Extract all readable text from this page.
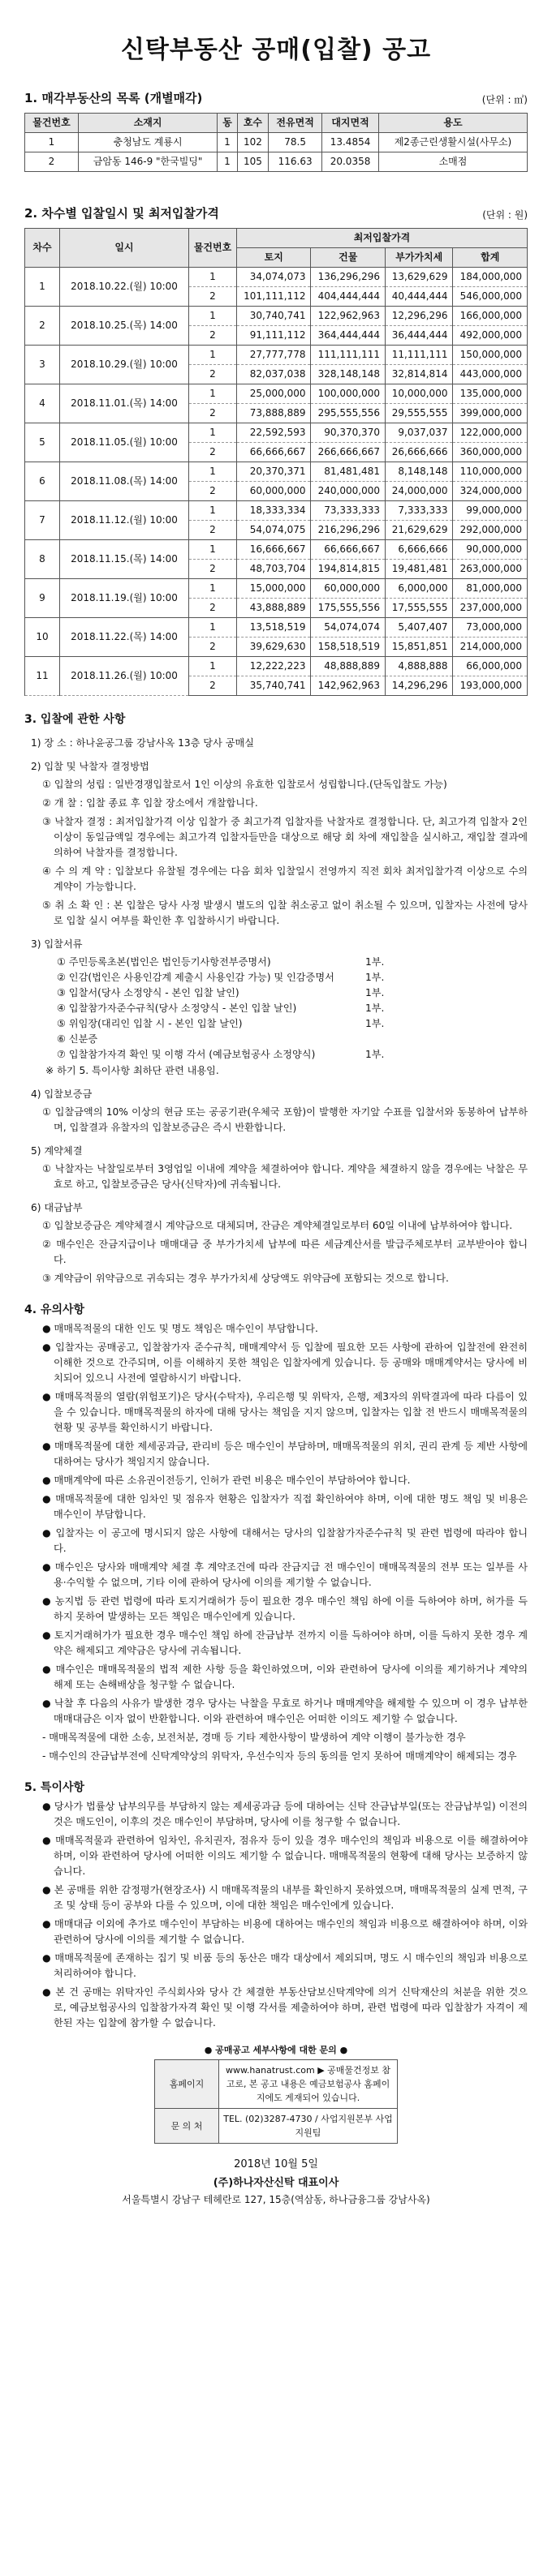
신탁부동산 공매(입찰) 공고
1. 매각부동산의 목록 (개별매각)	(단위 : ㎡)
물건번호	소재지	동	호수	전유면적	대지면적	용도
1	충청남도 계룡시	1	102	78.5	13.4854	제2종근린생활시설(사무소)
2	금암동 146-9 "한국빌딩"	1	105	116.63	20.0358	소매점
2. 차수별 입찰일시 및 최저입찰가격	(단위 : 원)
차수	일시	물건번호	최저입찰가격			
			토지	건물	부가가치세	합계
1	2018.10.22.(월) 10:00	1	34,074,073	136,296,296	13,629,629	184,000,000
		2	101,111,112	404,444,444	40,444,444	546,000,000
2	2018.10.25.(목) 14:00	1	30,740,741	122,962,963	12,296,296	166,000,000
		2	91,111,112	364,444,444	36,444,444	492,000,000
3	2018.10.29.(월) 10:00	1	27,777,778	111,111,111	11,111,111	150,000,000
		2	82,037,038	328,148,148	32,814,814	443,000,000
4	2018.11.01.(목) 14:00	1	25,000,000	100,000,000	10,000,000	135,000,000
		2	73,888,889	295,555,556	29,555,555	399,000,000
5	2018.11.05.(월) 10:00	1	22,592,593	90,370,370	9,037,037	122,000,000
		2	66,666,667	266,666,667	26,666,666	360,000,000
6	2018.11.08.(목) 14:00	1	20,370,371	81,481,481	8,148,148	110,000,000
		2	60,000,000	240,000,000	24,000,000	324,000,000
7	2018.11.12.(월) 10:00	1	18,333,334	73,333,333	7,333,333	99,000,000
		2	54,074,075	216,296,296	21,629,629	292,000,000
8	2018.11.15.(목) 14:00	1	16,666,667	66,666,667	6,666,666	90,000,000
		2	48,703,704	194,814,815	19,481,481	263,000,000
9	2018.11.19.(월) 10:00	1	15,000,000	60,000,000	6,000,000	81,000,000
		2	43,888,889	175,555,556	17,555,555	237,000,000
10	2018.11.22.(목) 14:00	1	13,518,519	54,074,074	5,407,407	73,000,000
		2	39,629,630	158,518,519	15,851,851	214,000,000
11	2018.11.26.(월) 10:00	1	12,222,223	48,888,889	4,888,888	66,000,000
		2	35,740,741	142,962,963	14,296,296	193,000,000
3. 입찰에 관한 사항
1) 장 소 : 하나윤공그룹 강남사옥 13층 당사 공매실
2) 입찰 및 낙찰자 결정방법
① 입찰의 성립 : 일반경쟁입찰로서 1인 이상의 유효한 입찰로서 성립합니다.(단독입찰도 가능)
② 개 찰 : 입찰 종료 후 입찰 장소에서 개찰합니다.
③ 낙찰자 결정 : 최저입찰가격 이상 입찰가 중 최고가격 입찰자를 낙찰자로 결정합니다. 단, 최고가격 입찰자 2인 이상이 동일금액일 경우에는 최고가격 입찰자들만을 대상으로 해당 회 차에 재입찰을 실시하고, 재입찰 결과에 의하여 낙찰자를 결정합니다.
④ 수 의 계 약 : 입찰보다 유찰될 경우에는 다음 회차 입찰일시 전영까지 직전 회차 최저입찰가격 이상으로 수의계약이 가능합니다.
⑤ 취 소 확 인 : 본 입찰은 당사 사정 발생시 별도의 입찰 취소공고 없이 취소될 수 있으며, 입찰자는 사전에 당사로 입찰 실시 여부를 확인한 후 입찰하시기 바랍니다.
3) 입찰서류
① 주민등록초본(법인은 법인등기사항전부증명서)	1부.
② 인감(법인은 사용인감계 제출시 사용인감 가능) 및 인감증명서	1부.
③ 입찰서(당사 소정양식 - 본인 입찰 날인)	1부.
④ 입찰참가자준수규칙(당사 소정양식 - 본인 입찰 날인)	1부.
⑤ 위임장(대리인 입찰 시 - 본인 입찰 날인)	1부.
⑥ 신분증
⑦ 입찰참가자격 확인 및 이행 각서 (예금보험공사 소정양식)	1부.
※ 하기 5. 특이사항 최하단 관련 내용임.
4) 입찰보증금
① 입찰금액의 10% 이상의 현금 또는 공공기관(우체국 포함)이 발행한 자기앞 수표를 입찰서와 동봉하여 납부하며, 입찰결과 유찰자의 입찰보증금은 즉시 반환합니다.
5) 계약체결
① 낙찰자는 낙찰일로부터 3영업일 이내에 계약을 체결하여야 합니다. 계약을 체결하지 않을 경우에는 낙찰은 무효로 하고, 입찰보증금은 당사(신탁자)에 귀속됩니다.
6) 대금납부
① 입찰보증금은 계약체결시 계약금으로 대체되며, 잔금은 계약체결일로부터 60일 이내에 납부하여야 합니다.
② 매수인은 잔금지급이나 매매대금 중 부가가치세 납부에 따른 세금계산서를 발급주체로부터 교부받아야 합니다.
③ 계약금이 위약금으로 귀속되는 경우 부가가치세 상당액도 위약금에 포함되는 것으로 합니다.
4. 유의사항
● 매매목적물의 대한 인도 및 명도 책임은 매수인이 부담합니다.
● 입찰자는 공매공고, 입찰참가자 준수규칙, 매매계약서 등 입찰에 필요한 모든 사항에 관하여 입찰전에 완전히 이해한 것으로 간주되며, 이를 이해하지 못한 책임은 입찰자에게 있습니다. 등 공매와 매매계약서는 당사에 비치되어 있으니 사전에 열람하시기 바랍니다.
● 매매목적물의 열람(위험포기)은 당사(수탁자), 우리은행 및 위탁자, 은행, 제3자의 위탁결과에 따라 다름이 있을 수 있습니다. 매매목적물의 하자에 대해 당사는 책임을 지지 않으며, 입찰자는 입찰 전 반드시 매매목적물의 현황 및 공부를 확인하시기 바랍니다.
● 매매목적물에 대한 제세공과금, 관리비 등은 매수인이 부담하며, 매매목적물의 위치, 권리 관계 등 제반 사항에 대하여는 당사가 책임지지 않습니다.
● 매매계약에 따른 소유권이전등기, 인허가 관련 비용은 매수인이 부담하여야 합니다.
● 매매목적물에 대한 임차인 및 점유자 현황은 입찰자가 직접 확인하여야 하며, 이에 대한 명도 책임 및 비용은 매수인이 부담합니다.
● 입찰자는 이 공고에 명시되지 않은 사항에 대해서는 당사의 입찰참가자준수규칙 및 관련 법령에 따라야 합니다.
● 매수인은 당사와 매매계약 체결 후 계약조건에 따라 잔금지급 전 매수인이 매매목적물의 전부 또는 일부를 사용·수익할 수 없으며, 기타 이에 관하여 당사에 이의를 제기할 수 없습니다.
● 농지법 등 관련 법령에 따라 토지거래허가 등이 필요한 경우 매수인 책임 하에 이를 득하여야 하며, 허가를 득하지 못하여 발생하는 모든 책임은 매수인에게 있습니다.
● 토지거래허가가 필요한 경우 매수인 책임 하에 잔금납부 전까지 이를 득하여야 하며, 이를 득하지 못한 경우 계약은 해제되고 계약금은 당사에 귀속됩니다.
● 매수인은 매매목적물의 법적 제한 사항 등을 확인하였으며, 이와 관련하여 당사에 이의를 제기하거나 계약의 해제 또는 손해배상을 청구할 수 없습니다.
● 낙찰 후 다음의 사유가 발생한 경우 당사는 낙찰을 무효로 하거나 매매계약을 해제할 수 있으며 이 경우 납부한 매매대금은 이자 없이 반환합니다. 이와 관련하여 매수인은 어떠한 이의도 제기할 수 없습니다.
- 매매목적물에 대한 소송, 보전처분, 경매 등 기타 제한사항이 발생하여 계약 이행이 불가능한 경우
- 매수인의 잔금납부전에 신탁계약상의 위탁자, 우선수익자 등의 동의를 얻지 못하여 매매계약이 해제되는 경우
5. 특이사항
● 당사가 법률상 납부의무를 부담하지 않는 제세공과금 등에 대하여는 신탁 잔금납부일(또는 잔금납부일) 이전의 것은 매도인이, 이후의 것은 매수인이 부담하며, 당사에 이를 청구할 수 없습니다.
● 매매목적물과 관련하여 임차인, 유치권자, 점유자 등이 있을 경우 매수인의 책임과 비용으로 이를 해결하여야 하며, 이와 관련하여 당사에 어떠한 이의도 제기할 수 없습니다. 매매목적물의 현황에 대해 당사는 보증하지 않습니다.
● 본 공매를 위한 감정평가(현장조사) 시 매매목적물의 내부를 확인하지 못하였으며, 매매목적물의 실제 면적, 구조 및 상태 등이 공부와 다를 수 있으며, 이에 대한 책임은 매수인에게 있습니다.
● 매매대금 이외에 추가로 매수인이 부담하는 비용에 대하여는 매수인의 책임과 비용으로 해결하여야 하며, 이와 관련하여 당사에 이의를 제기할 수 없습니다.
● 매매목적물에 존재하는 집기 및 비품 등의 동산은 매각 대상에서 제외되며, 명도 시 매수인의 책임과 비용으로 처리하여야 합니다.
● 본 건 공매는 위탁자인 주식회사와 당사 간 체결한 부동산담보신탁계약에 의거 신탁재산의 처분을 위한 것으로, 예금보험공사의 입찰참가자격 확인 및 이행 각서를 제출하여야 하며, 관련 법령에 따라 입찰참가 자격이 제한된 자는 입찰에 참가할 수 없습니다.
● 공매공고 세부사항에 대한 문의 ●
홈페이지	www.hanatrust.com ▶ 공매물건정보 참고로, 본 공고 내용은 예금보험공사 홈페이지에도 게재되어 있습니다.
문 의 처	TEL. (02)3287-4730 / 사업지원본부 사업지원팀
2018년 10월 5일
(주)하나자산신탁 대표이사
서울특별시 강남구 테헤란로 127, 15층(역삼동, 하나금융그룹 강남사옥)
